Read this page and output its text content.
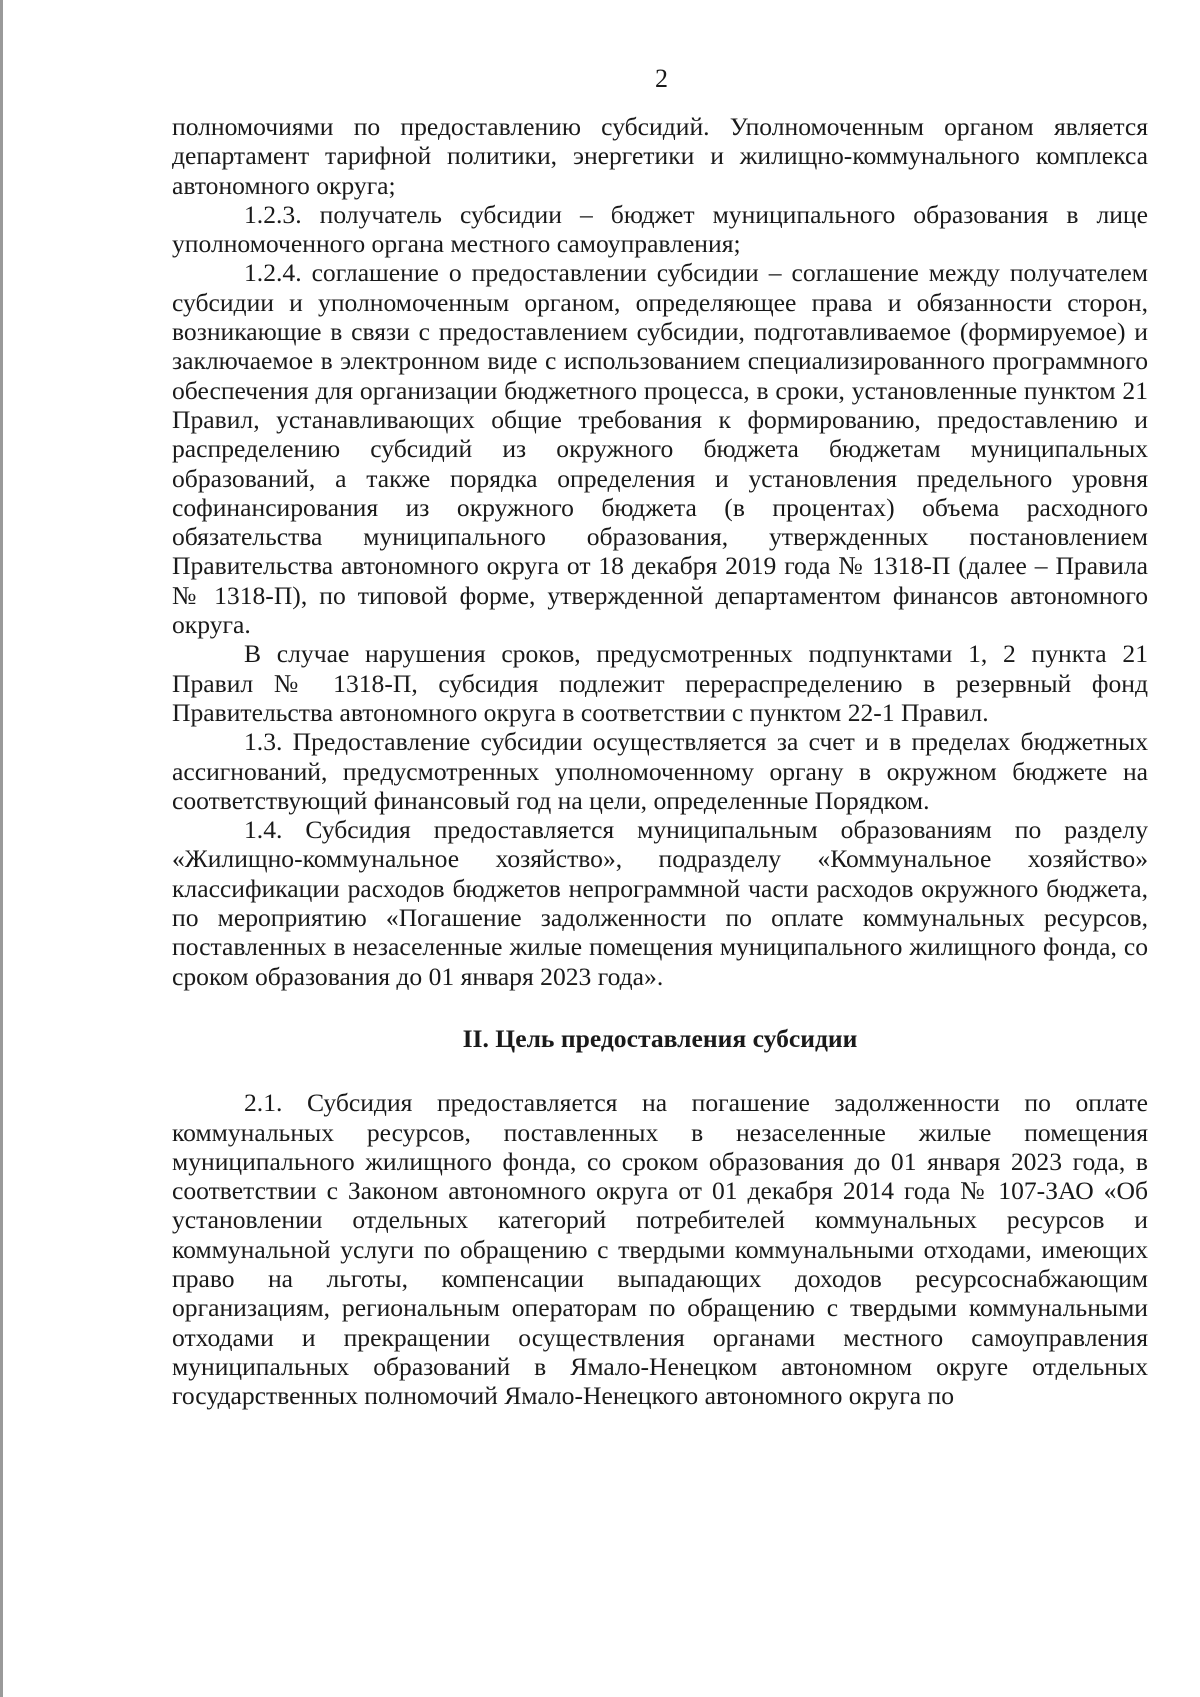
2

полномочиями по предоставлению субсидий. Уполномоченным органом является департамент тарифной политики, энергетики и жилищно-коммунального комплекса автономного округа;

1.2.3. получатель субсидии – бюджет муниципального образования в лице уполномоченного органа местного самоуправления;

1.2.4. соглашение о предоставлении субсидии – соглашение между получателем субсидии и уполномоченным органом, определяющее права и обязанности сторон, возникающие в связи с предоставлением субсидии, подготавливаемое (формируемое) и заключаемое в электронном виде с использованием специализированного программного обеспечения для организации бюджетного процесса, в сроки, установленные пунктом 21 Правил, устанавливающих общие требования к формированию, предоставлению и распределению субсидий из окружного бюджета бюджетам муниципальных образований, а также порядка определения и установления предельного уровня софинансирования из окружного бюджета (в процентах) объема расходного обязательства муниципального образования, утвержденных постановлением Правительства автономного округа от 18 декабря 2019 года № 1318-П (далее – Правила № 1318-П), по типовой форме, утвержденной департаментом финансов автономного округа.

В случае нарушения сроков, предусмотренных подпунктами 1, 2 пункта 21 Правил № 1318-П, субсидия подлежит перераспределению в резервный фонд Правительства автономного округа в соответствии с пунктом 22-1 Правил.

1.3. Предоставление субсидии осуществляется за счет и в пределах бюджетных ассигнований, предусмотренных уполномоченному органу в окружном бюджете на соответствующий финансовый год на цели, определенные Порядком.

1.4. Субсидия предоставляется муниципальным образованиям по разделу «Жилищно-коммунальное хозяйство», подразделу «Коммунальное хозяйство» классификации расходов бюджетов непрограммной части расходов окружного бюджета, по мероприятию «Погашение задолженности по оплате коммунальных ресурсов, поставленных в незаселенные жилые помещения муниципального жилищного фонда, со сроком образования до 01 января 2023 года».

II. Цель предоставления субсидии

2.1. Субсидия предоставляется на погашение задолженности по оплате коммунальных ресурсов, поставленных в незаселенные жилые помещения муниципального жилищного фонда, со сроком образования до 01 января 2023 года, в соответствии с Законом автономного округа от 01 декабря 2014 года № 107-ЗАО «Об установлении отдельных категорий потребителей коммунальных ресурсов и коммунальной услуги по обращению с твердыми коммунальными отходами, имеющих право на льготы, компенсации выпадающих доходов ресурсоснабжающим организациям, региональным операторам по обращению с твердыми коммунальными отходами и прекращении осуществления органами местного самоуправления муниципальных образований в Ямало-Ненецком автономном округе отдельных государственных полномочий Ямало-Ненецкого автономного округа по
